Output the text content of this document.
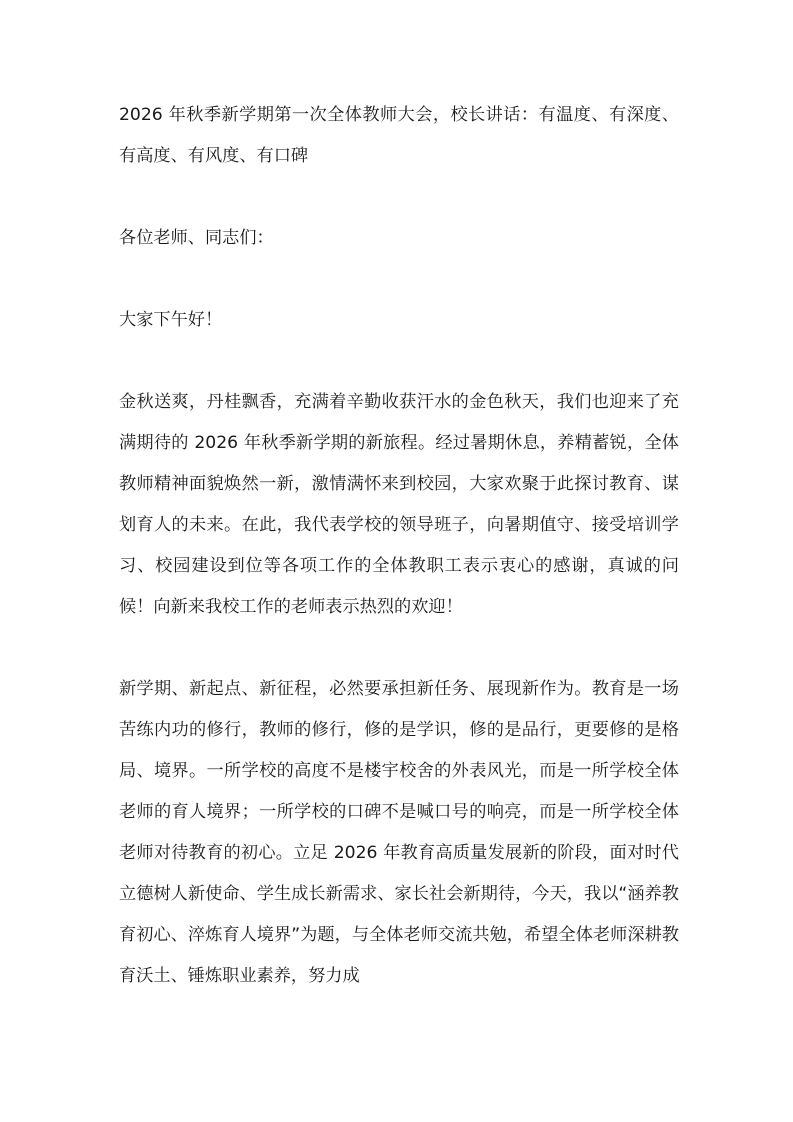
2026 年秋季新学期第一次全体教师大会，校长讲话：有温度、有深度、有高度、有风度、有口碑

各位老师、同志们：

大家下午好！

金秋送爽，丹桂飘香，充满着辛勤收获汗水的金色秋天，我们也迎来了充满期待的 2026 年秋季新学期的新旅程。经过暑期休息，养精蓄锐，全体教师精神面貌焕然一新，激情满怀来到校园，大家欢聚于此探讨教育、谋划育人的未来。在此，我代表学校的领导班子，向暑期值守、接受培训学习、校园建设到位等各项工作的全体教职工表示衷心的感谢，真诚的问候！向新来我校工作的老师表示热烈的欢迎！

新学期、新起点、新征程，必然要承担新任务、展现新作为。教育是一场苦练内功的修行，教师的修行，修的是学识，修的是品行，更要修的是格局、境界。一所学校的高度不是楼宇校舍的外表风光，而是一所学校全体老师的育人境界；一所学校的口碑不是喊口号的响亮，而是一所学校全体老师对待教育的初心。立足 2026 年教育高质量发展新的阶段，面对时代立德树人新使命、学生成长新需求、家长社会新期待，今天，我以“涵养教育初心、淬炼育人境界”为题，与全体老师交流共勉，希望全体老师深耕教育沃土、锤炼职业素养，努力成
